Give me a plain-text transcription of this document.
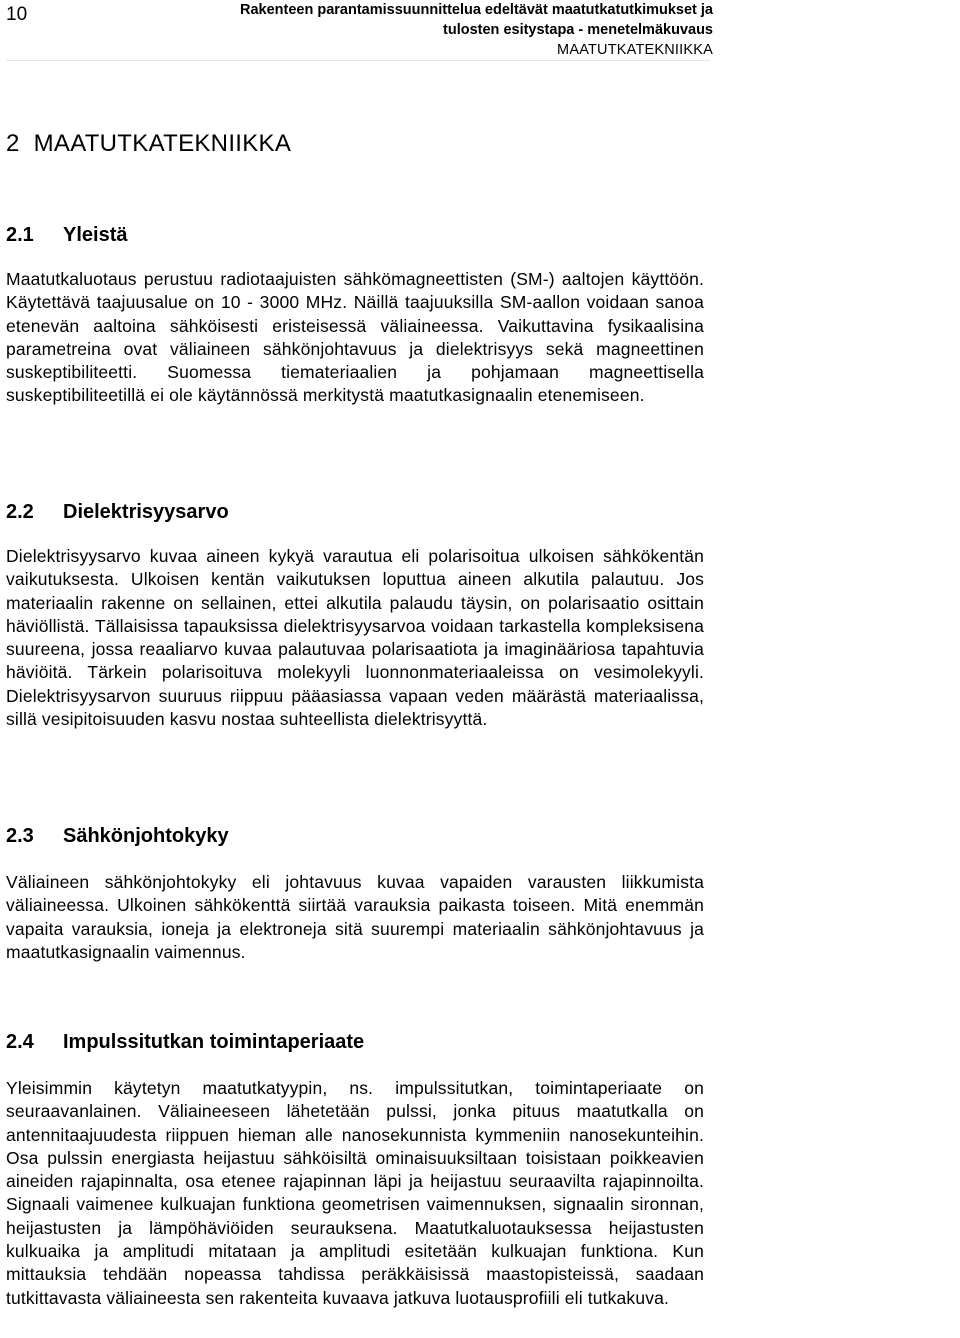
10	Rakenteen parantamissuunnittelua edeltävät maatutkatutkimukset ja
tulosten esitystapa - menetelmäkuvaus
MAATUTKATEKNIIKKA
2 MAATUTKATEKNIIKKA
2.1 Yleistä

Maatutkaluotaus perustuu radiotaajuisten sähkömagneettisten (SM-) aaltojen käyttöön. Käytettävä taajuusalue on 10 - 3000 MHz. Näillä taajuuksilla SM-aallon voidaan sanoa etenevän aaltoina sähköisesti eristeisessä väliaineessa. Vaikuttavina fysikaalisina parametreina ovat väliaineen sähkönjohtavuus ja dielektrisyys sekä magneettinen suskeptibiliteetti. Suomessa tiemateriaalien ja pohjamaan magneettisella suskeptibiliteetillä ei ole käytännössä merkitystä maatutkasignaalin etenemiseen.

2.2 Dielektrisyysarvo

Dielektrisyysarvo kuvaa aineen kykyä varautua eli polarisoitua ulkoisen sähkökentän vaikutuksesta. Ulkoisen kentän vaikutuksen loputtua aineen alkutila palautuu. Jos materiaalin rakenne on sellainen, ettei alkutila palaudu täysin, on polarisaatio osittain häviöllistä. Tällaisissa tapauksissa dielektrisyysarvoa voidaan tarkastella kompleksisena suureena, jossa reaaliarvo kuvaa palautuvaa polarisaatiota ja imaginääriosa tapahtuvia häviöitä. Tärkein polarisoituva molekyyli luonnonmateriaaleissa on vesimolekyyli. Dielektrisyysarvon suuruus riippuu pääasiassa vapaan veden määrästä materiaalissa, sillä vesipitoisuuden kasvu nostaa suhteellista dielektrisyyttä.

2.3 Sähkönjohtokyky

Väliaineen sähkönjohtokyky eli johtavuus kuvaa vapaiden varausten liikkumista väliaineessa. Ulkoinen sähkökenttä siirtää varauksia paikasta toiseen. Mitä enemmän vapaita varauksia, ioneja ja elektroneja sitä suurempi materiaalin sähkönjohtavuus ja maatutkasignaalin vaimennus.

2.4 Impulssitutkan toimintaperiaate

Yleisimmin käytetyn maatutkatyypin, ns. impulssitutkan, toimintaperiaate on seuraavanlainen. Väliaineeseen lähetetään pulssi, jonka pituus maatutkalla on antennitaajuudesta riippuen hieman alle nanosekunnista kymmeniin nanosekunteihin. Osa pulssin energiasta heijastuu sähköisiltä ominaisuuksiltaan toisistaan poikkeavien aineiden rajapinnalta, osa etenee rajapinnan läpi ja heijastuu seuraavilta rajapinnoilta. Signaali vaimenee kulkuajan funktiona geometrisen vaimennuksen, signaalin sironnan, heijastusten ja lämpöhäviöiden seurauksena. Maatutkaluotauksessa heijastusten kulkuaika ja amplitudi mitataan ja amplitudi esitetään kulkuajan funktiona. Kun mittauksia tehdään nopeassa tahdissa peräkkäisissä maastopisteissä, saadaan tutkittavasta väliaineesta sen rakenteita kuvaava jatkuva luotausprofiili eli tutkakuva.
